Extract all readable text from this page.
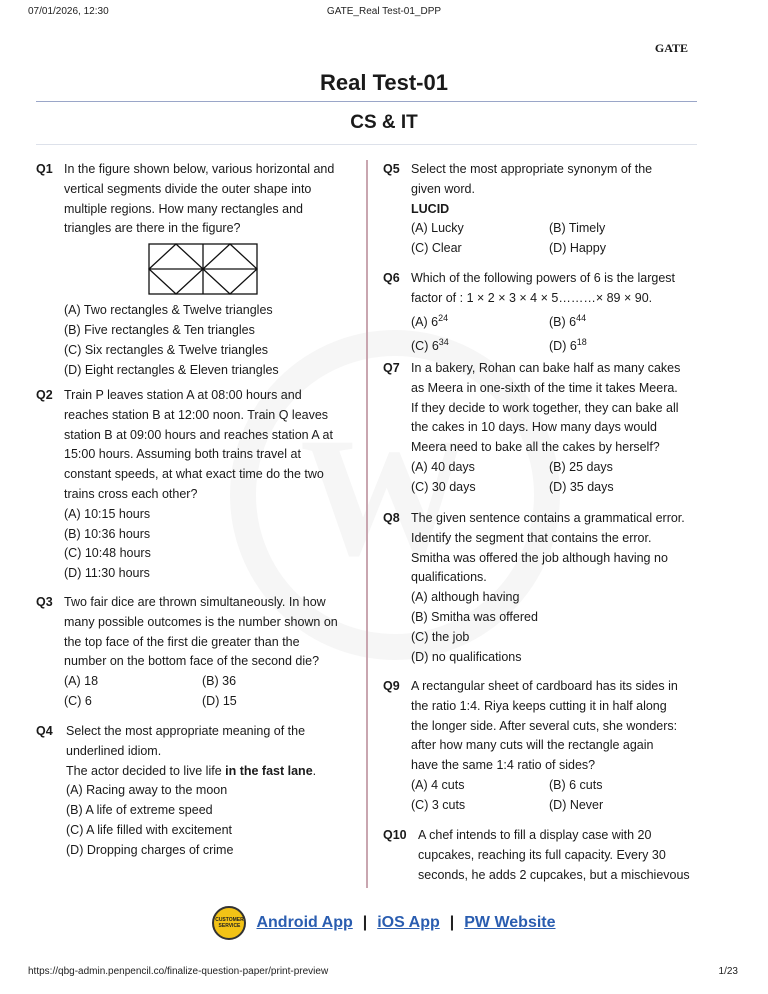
07/01/2026, 12:30	GATE_Real Test-01_DPP
GATE
Real Test-01
CS & IT
Q1 In the figure shown below, various horizontal and
vertical segments divide the outer shape into
multiple regions. How many rectangles and
triangles are there in the figure?
(A) Two rectangles & Twelve triangles
(B) Five rectangles & Ten triangles
(C) Six rectangles & Twelve triangles
(D) Eight rectangles & Eleven triangles
Q2 Train P leaves station A at 08:00 hours and
reaches station B at 12:00 noon. Train Q leaves
station B at 09:00 hours and reaches station A at
15:00 hours. Assuming both trains travel at
constant speeds, at what exact time do the two
trains cross each other?
(A) 10:15 hours
(B) 10:36 hours
(C) 10:48 hours
(D) 11:30 hours
Q3 Two fair dice are thrown simultaneously. In how
many possible outcomes is the number shown on
the top face of the first die greater than the
number on the bottom face of the second die?
(A) 18	(B) 36
(C) 6	(D) 15
Q4 Select the most appropriate meaning of the
underlined idiom.
The actor decided to live life in the fast lane.
(A) Racing away to the moon
(B) A life of extreme speed
(C) A life filled with excitement
(D) Dropping charges of crime
Q5 Select the most appropriate synonym of the
given word.
LUCID
(A) Lucky	(B) Timely
(C) Clear	(D) Happy
Q6 Which of the following powers of 6 is the largest
factor of : 1 × 2 × 3 × 4 × 5………× 89 × 90.
(A) $6^{24}$	(B) $6^{44}$
(C) $6^{34}$	(D) $6^{18}$
Q7 In a bakery, Rohan can bake half as many cakes
as Meera in one-sixth of the time it takes Meera.
If they decide to work together, they can bake all
the cakes in 10 days. How many days would
Meera need to bake all the cakes by herself?
(A) 40 days	(B) 25 days
(C) 30 days	(D) 35 days
Q8 The given sentence contains a grammatical error.
Identify the segment that contains the error.
Smitha was offered the job although having no
qualifications.
(A) although having
(B) Smitha was offered
(C) the job
(D) no qualifications
Q9 A rectangular sheet of cardboard has its sides in
the ratio 1:4. Riya keeps cutting it in half along
the longer side. After several cuts, she wonders:
after how many cuts will the rectangle again
have the same 1:4 ratio of sides?
(A) 4 cuts	(B) 6 cuts
(C) 3 cuts	(D) Never
Q10 A chef intends to fill a display case with 20
cupcakes, reaching its full capacity. Every 30
seconds, he adds 2 cupcakes, but a mischievous
CUSTOMER SERVICE	Android App | iOS App | PW Website
https://qbg-admin.penpencil.co/finalize-question-paper/print-preview	1/23
